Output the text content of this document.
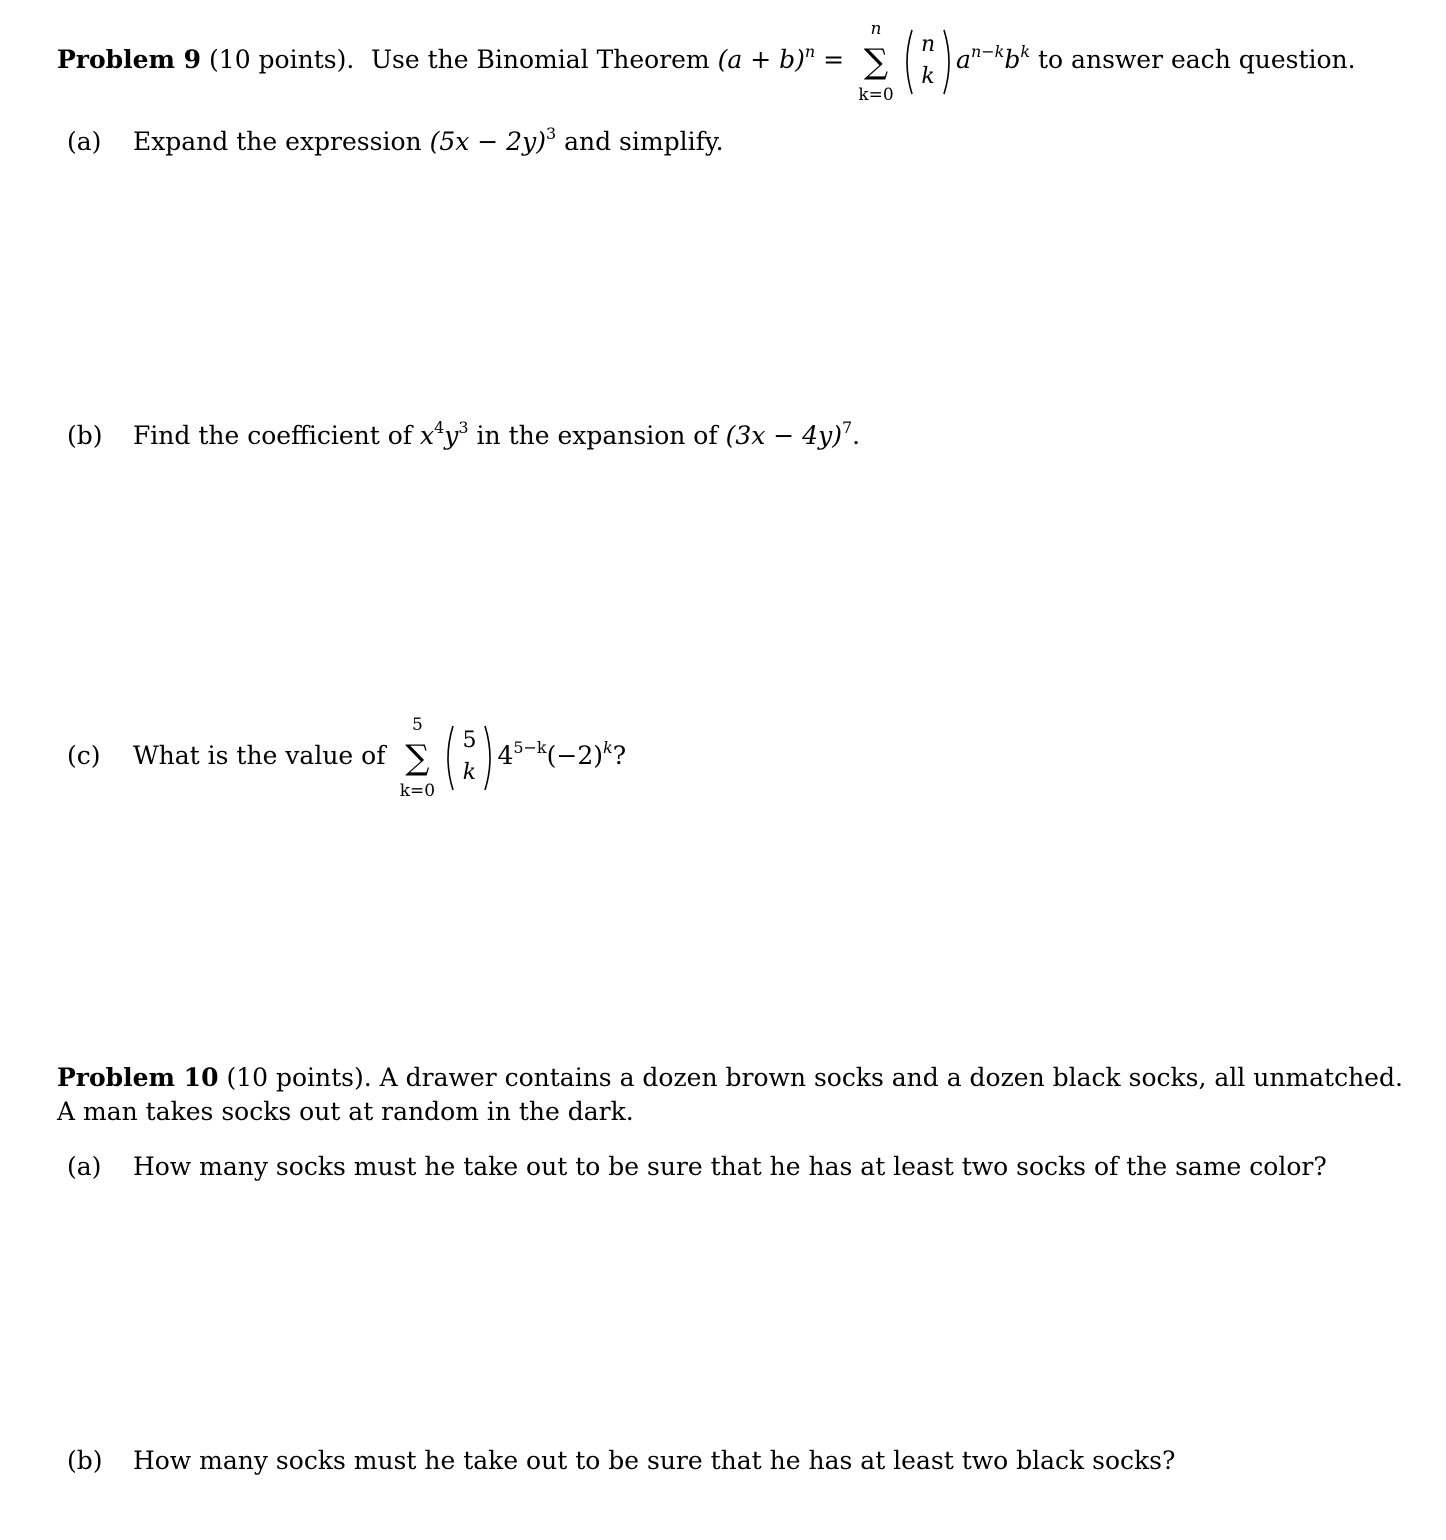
Problem 9 (10 points). Use the Binomial Theorem $(a + b)^n$ =
n
∑
k=0
n
k
$a^{n-k}b^k$ to answer each question.
(a) Expand the expression $(5x - 2y)^3$ and simplify.
(b) Find the coefficient of $x^4y^3$ in the expansion of $(3x - 4y)^7$.
(c) What is the value of
5
∑
k=0
5
k
$4^{5-k}(-2)^k$?
Problem 10 (10 points). A drawer contains a dozen brown socks and a dozen black socks, all unmatched.
A man takes socks out at random in the dark.
(a) How many socks must he take out to be sure that he has at least two socks of the same color?
(b) How many socks must he take out to be sure that he has at least two black socks?
